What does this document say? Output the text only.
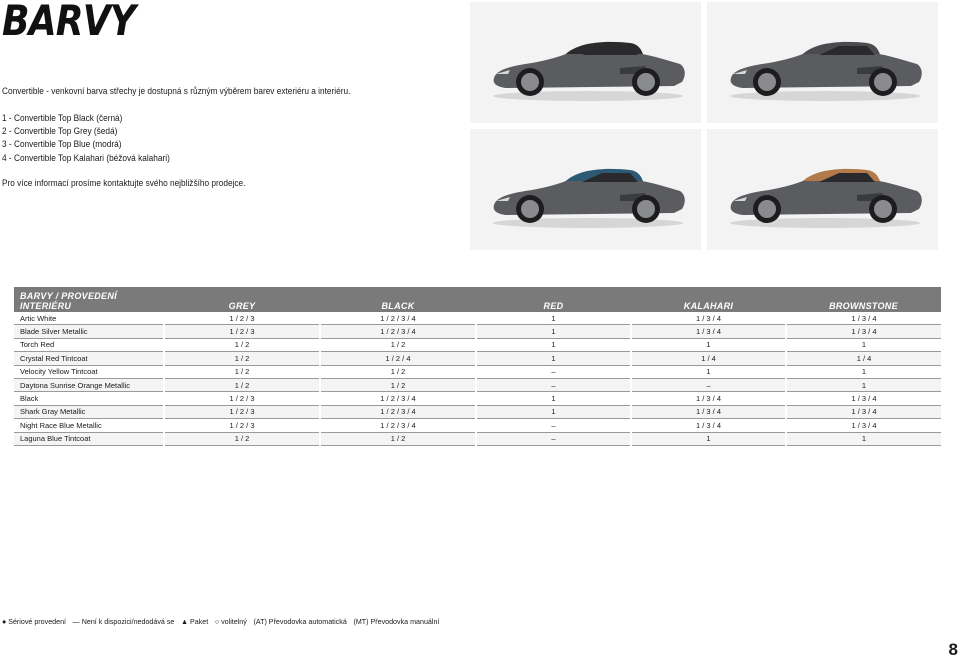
BARVY
Convertible - venkovní barva střechy je dostupná s různým výběrem barev exteriéru a interiéru.
1 - Convertible Top Black (černá)
2 - Convertible Top Grey (šedá)
3 - Convertible Top Blue (modrá)
4 - Convertible Top Kalahari (béžová kalahari)
Pro více informací prosíme kontaktujte svého nejbližšího prodejce.
BARVY / PROVEDENÍ
INTERIÉRU	GREY	BLACK	RED	KALAHARI	BROWNSTONE
Artic White	1 / 2 / 3	1 / 2 / 3 / 4	1	1 / 3 / 4	1 / 3 / 4
Blade Silver Metallic	1 / 2 / 3	1 / 2 / 3 / 4	1	1 / 3 / 4	1 / 3 / 4
Torch Red	1 / 2	1 / 2	1	1	1
Crystal Red Tintcoat	1 / 2	1 / 2 / 4	1	1 / 4	1 / 4
Velocity Yellow Tintcoat	1 / 2	1 / 2	–	1	1
Daytona Sunrise Orange Metallic	1 / 2	1 / 2	–	–	1
Black	1 / 2 / 3	1 / 2 / 3 / 4	1	1 / 3 / 4	1 / 3 / 4
Shark Gray Metallic	1 / 2 / 3	1 / 2 / 3 / 4	1	1 / 3 / 4	1 / 3 / 4
Night Race Blue Metallic	1 / 2 / 3	1 / 2 / 3 / 4	–	1 / 3 / 4	1 / 3 / 4
Laguna Blue Tintcoat	1 / 2	1 / 2	–	1	1
● Sériové provedení — Není k dispozici/nedodává se ▲ Paket ○ volitelný (AT) Převodovka automatická (MT) Převodovka manuální
8
